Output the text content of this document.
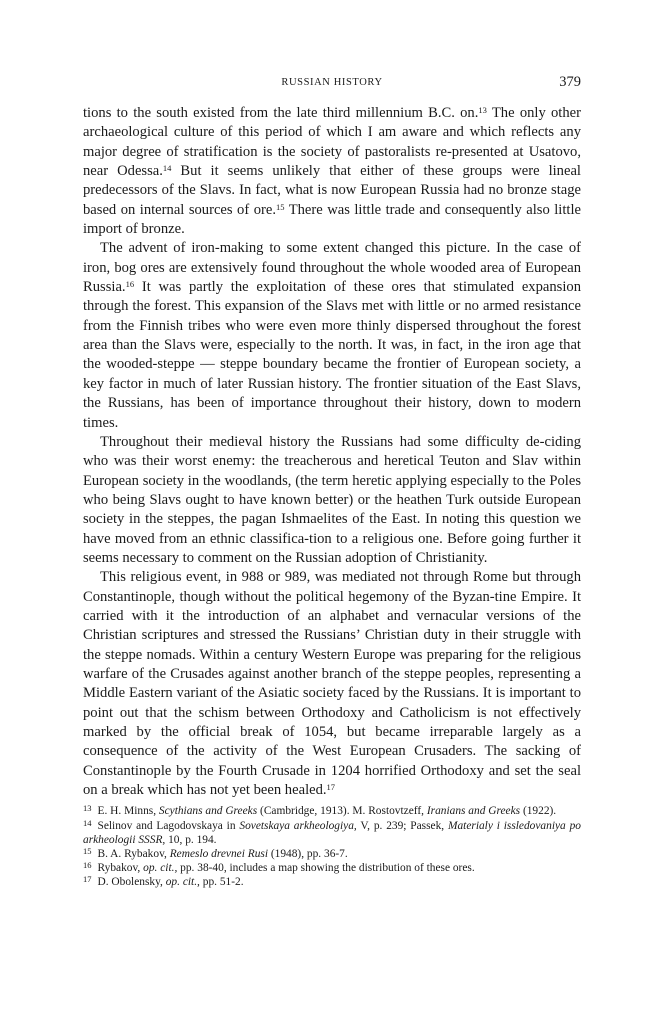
RUSSIAN HISTORY	379

tions to the south existed from the late third millennium B.C. on.$^{13}$ The only other archaeological culture of this period of which I am aware and which reflects any major degree of stratification is the society of pastoralists re-presented at Usatovo, near Odessa.$^{14}$ But it seems unlikely that either of these groups were lineal predecessors of the Slavs. In fact, what is now European Russia had no bronze stage based on internal sources of ore.$^{15}$ There was little trade and consequently also little import of bronze.

The advent of iron-making to some extent changed this picture. In the case of iron, bog ores are extensively found throughout the whole wooded area of European Russia.$^{16}$ It was partly the exploitation of these ores that stimulated expansion through the forest. This expansion of the Slavs met with little or no armed resistance from the Finnish tribes who were even more thinly dispersed throughout the forest area than the Slavs were, especially to the north. It was, in fact, in the iron age that the wooded-steppe — steppe boundary became the frontier of European society, a key factor in much of later Russian history. The frontier situation of the East Slavs, the Russians, has been of importance throughout their history, down to modern times.

Throughout their medieval history the Russians had some difficulty de-ciding who was their worst enemy: the treacherous and heretical Teuton and Slav within European society in the woodlands, (the term heretic applying especially to the Poles who being Slavs ought to have known better) or the heathen Turk outside European society in the steppes, the pagan Ishmaelites of the East. In noting this question we have moved from an ethnic classifica-tion to a religious one. Before going further it seems necessary to comment on the Russian adoption of Christianity.

This religious event, in 988 or 989, was mediated not through Rome but through Constantinople, though without the political hegemony of the Byzan-tine Empire. It carried with it the introduction of an alphabet and vernacular versions of the Christian scriptures and stressed the Russians’ Christian duty in their struggle with the steppe nomads. Within a century Western Europe was preparing for the religious warfare of the Crusades against another branch of the steppe peoples, representing a Middle Eastern variant of the Asiatic society faced by the Russians. It is important to point out that the schism between Orthodoxy and Catholicism is not effectively marked by the official break of 1054, but became irreparable largely as a consequence of the activity of the West European Crusaders. The sacking of Constantinople by the Fourth Crusade in 1204 horrified Orthodoxy and set the seal on a break which has not yet been healed.$^{17}$

$^{13}$ E. H. Minns, Scythians and Greeks (Cambridge, 1913). M. Rostovtzeff, Iranians and Greeks (1922).

$^{14}$ Selinov and Lagodovskaya in Sovetskaya arkheologiya, V, p. 239; Passek, Materialy i issledovaniya po arkheologii SSSR, 10, p. 194.

$^{15}$ B. A. Rybakov, Remeslo drevnei Rusi (1948), pp. 36-7.

$^{16}$ Rybakov, op. cit., pp. 38-40, includes a map showing the distribution of these ores.

$^{17}$ D. Obolensky, op. cit., pp. 51-2.
